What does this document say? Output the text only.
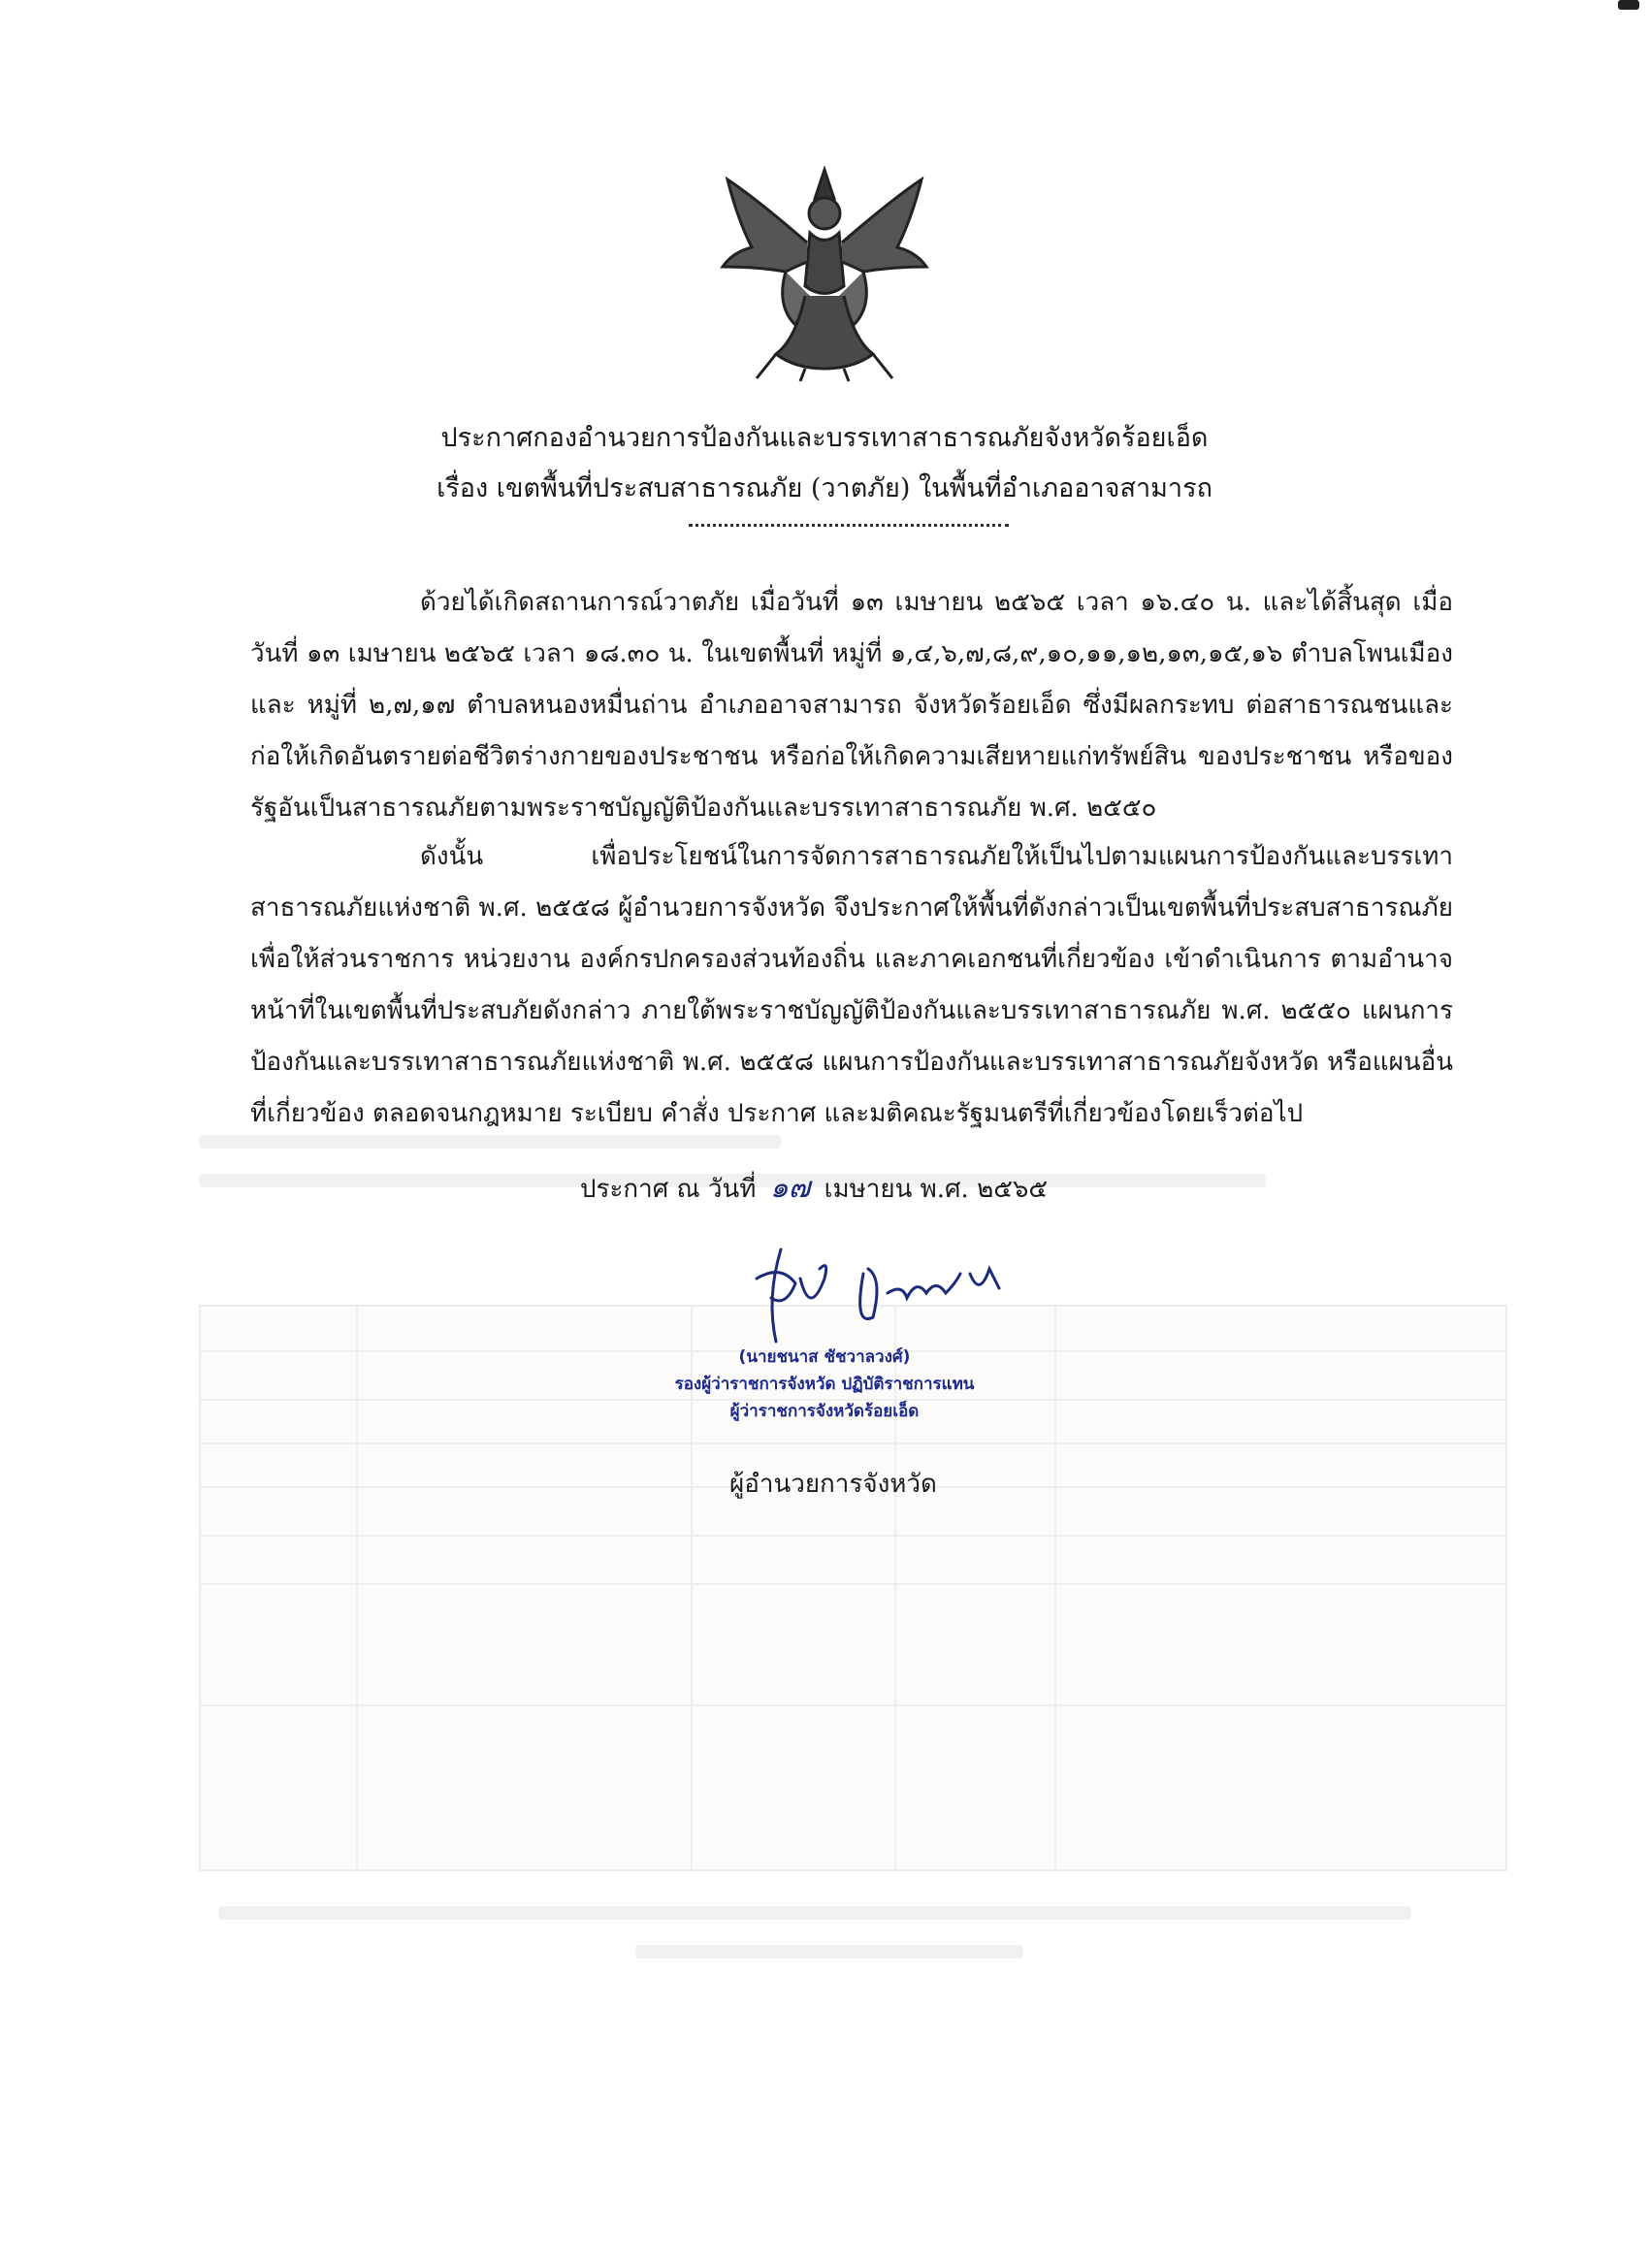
ประกาศกองอำนวยการป้องกันและบรรเทาสาธารณภัยจังหวัดร้อยเอ็ด
เรื่อง เขตพื้นที่ประสบสาธารณภัย (วาตภัย) ในพื้นที่อำเภออาจสามารถ
ด้วยได้เกิดสถานการณ์วาตภัย เมื่อวันที่ ๑๓ เมษายน ๒๕๖๕ เวลา ๑๖.๔๐ น. และได้สิ้นสุด เมื่อวันที่ ๑๓ เมษายน ๒๕๖๕ เวลา ๑๘.๓๐ น. ในเขตพื้นที่ หมู่ที่ ๑,๔,๖,๗,๘,๙,๑๐,๑๑,๑๒,๑๓,๑๕,๑๖ ตำบลโพนเมือง และ หมู่ที่ ๒,๗,๑๗ ตำบลหนองหมื่นถ่าน อำเภออาจสามารถ จังหวัดร้อยเอ็ด ซึ่งมีผลกระทบ ต่อสาธารณชนและก่อให้เกิดอันตรายต่อชีวิตร่างกายของประชาชน หรือก่อให้เกิดความเสียหายแก่ทรัพย์สิน ของประชาชน หรือของรัฐอันเป็นสาธารณภัยตามพระราชบัญญัติป้องกันและบรรเทาสาธารณภัย พ.ศ. ๒๕๕๐
ดังนั้น เพื่อประโยชน์ในการจัดการสาธารณภัยให้เป็นไปตามแผนการป้องกันและบรรเทา สาธารณภัยแห่งชาติ พ.ศ. ๒๕๕๘ ผู้อำนวยการจังหวัด จึงประกาศให้พื้นที่ดังกล่าวเป็นเขตพื้นที่ประสบสาธารณภัย เพื่อให้ส่วนราชการ หน่วยงาน องค์กรปกครองส่วนท้องถิ่น และภาคเอกชนที่เกี่ยวข้อง เข้าดำเนินการ ตามอำนาจหน้าที่ในเขตพื้นที่ประสบภัยดังกล่าว ภายใต้พระราชบัญญัติป้องกันและบรรเทาสาธารณภัย พ.ศ. ๒๕๕๐ แผนการป้องกันและบรรเทาสาธารณภัยแห่งชาติ พ.ศ. ๒๕๕๘ แผนการป้องกันและบรรเทาสาธารณภัยจังหวัด หรือแผนอื่นที่เกี่ยวข้อง ตลอดจนกฎหมาย ระเบียบ คำสั่ง ประกาศ และมติคณะรัฐมนตรีที่เกี่ยวข้องโดยเร็วต่อไป
ประกาศ ณ วันที่ ๑๗ เมษายน พ.ศ. ๒๕๖๕
(นายชนาส ชัชวาลวงศ์)
รองผู้ว่าราชการจังหวัด ปฏิบัติราชการแทน
ผู้ว่าราชการจังหวัดร้อยเอ็ด
ผู้อำนวยการจังหวัด
